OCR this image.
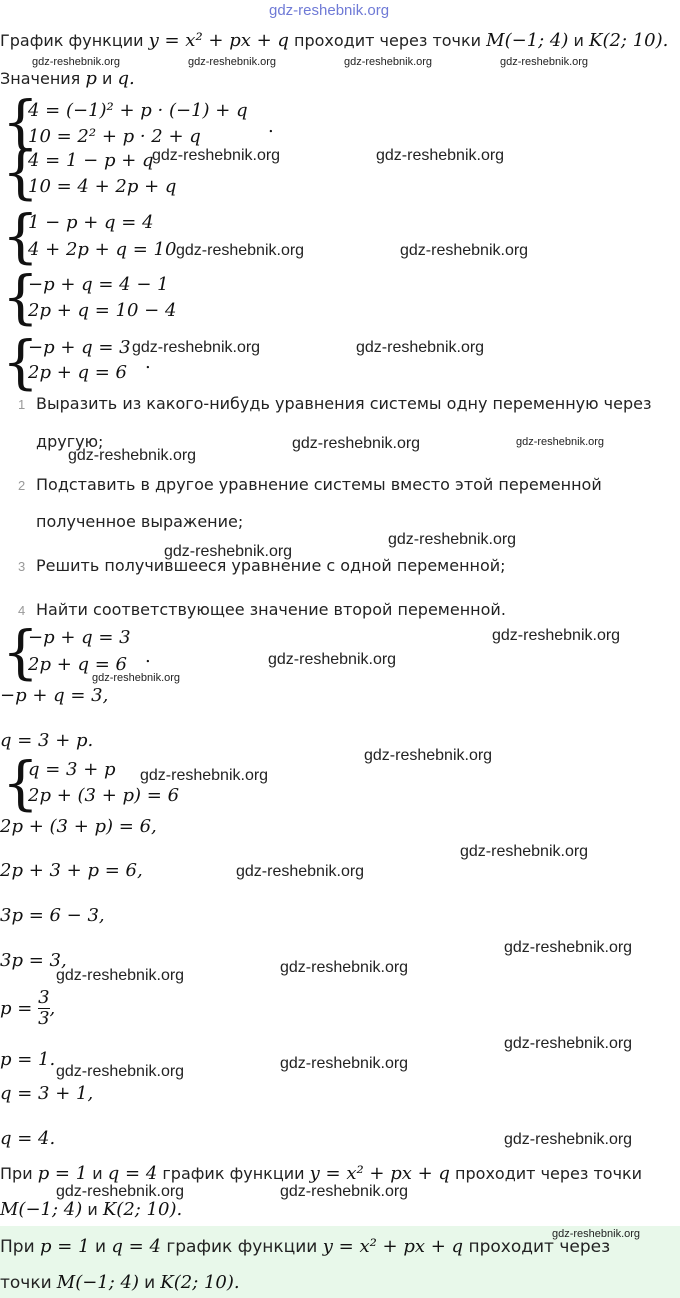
gdz-reshebnik.org
График функции y = x² + px + q проходит через точки M(−1; 4) и K(2; 10).
gdz-reshebnik.org	gdz-reshebnik.org	gdz-reshebnik.org	gdz-reshebnik.org
Значения p и q.
{
4 = (−1)² + p · (−1) + q
10 = 2² + p · 2 + q	.
{
4 = 1 − p + q
10 = 4 + 2p + q
gdz-reshebnik.org	gdz-reshebnik.org
{
1 − p + q = 4
4 + 2p + q = 10 gdz-reshebnik.org	gdz-reshebnik.org
{
−p + q = 4 − 1
2p + q = 10 − 4
{
−p + q = 3
2p + q = 6 .
gdz-reshebnik.org	gdz-reshebnik.org
1 Выразить из какого-нибудь уравнения системы одну переменную через
другую;	gdz-reshebnik.org	gdz-reshebnik.org
gdz-reshebnik.org
2 Подставить в другое уравнение системы вместо этой переменной
полученное выражение;
gdz-reshebnik.org
gdz-reshebnik.org
3 Решить получившееся уравнение с одной переменной;
4 Найти соответствующее значение второй переменной.
{
−p + q = 3
2p + q = 6 .
gdz-reshebnik.org
gdz-reshebnik.org
gdz-reshebnik.org
−p + q = 3,
q = 3 + p.
gdz-reshebnik.org
{
q = 3 + p
2p + (3 + p) = 6
gdz-reshebnik.org
2p + (3 + p) = 6,
gdz-reshebnik.org
2p + 3 + p = 6,	gdz-reshebnik.org
3p = 6 − 3,
gdz-reshebnik.org
3p = 3,	gdz-reshebnik.org
gdz-reshebnik.org
$p = \frac{3}{3}$ ,
gdz-reshebnik.org
p = 1.	gdz-reshebnik.org
gdz-reshebnik.org
q = 3 + 1,
q = 4.	gdz-reshebnik.org
При p = 1 и q = 4 график функции y = x² + px + q проходит через точки
gdz-reshebnik.org	gdz-reshebnik.org
M(−1; 4) и K(2; 10).
gdz-reshebnik.org
При p = 1 и q = 4 график функции y = x² + px + q проходит через
точки M(−1; 4) и K(2; 10).
